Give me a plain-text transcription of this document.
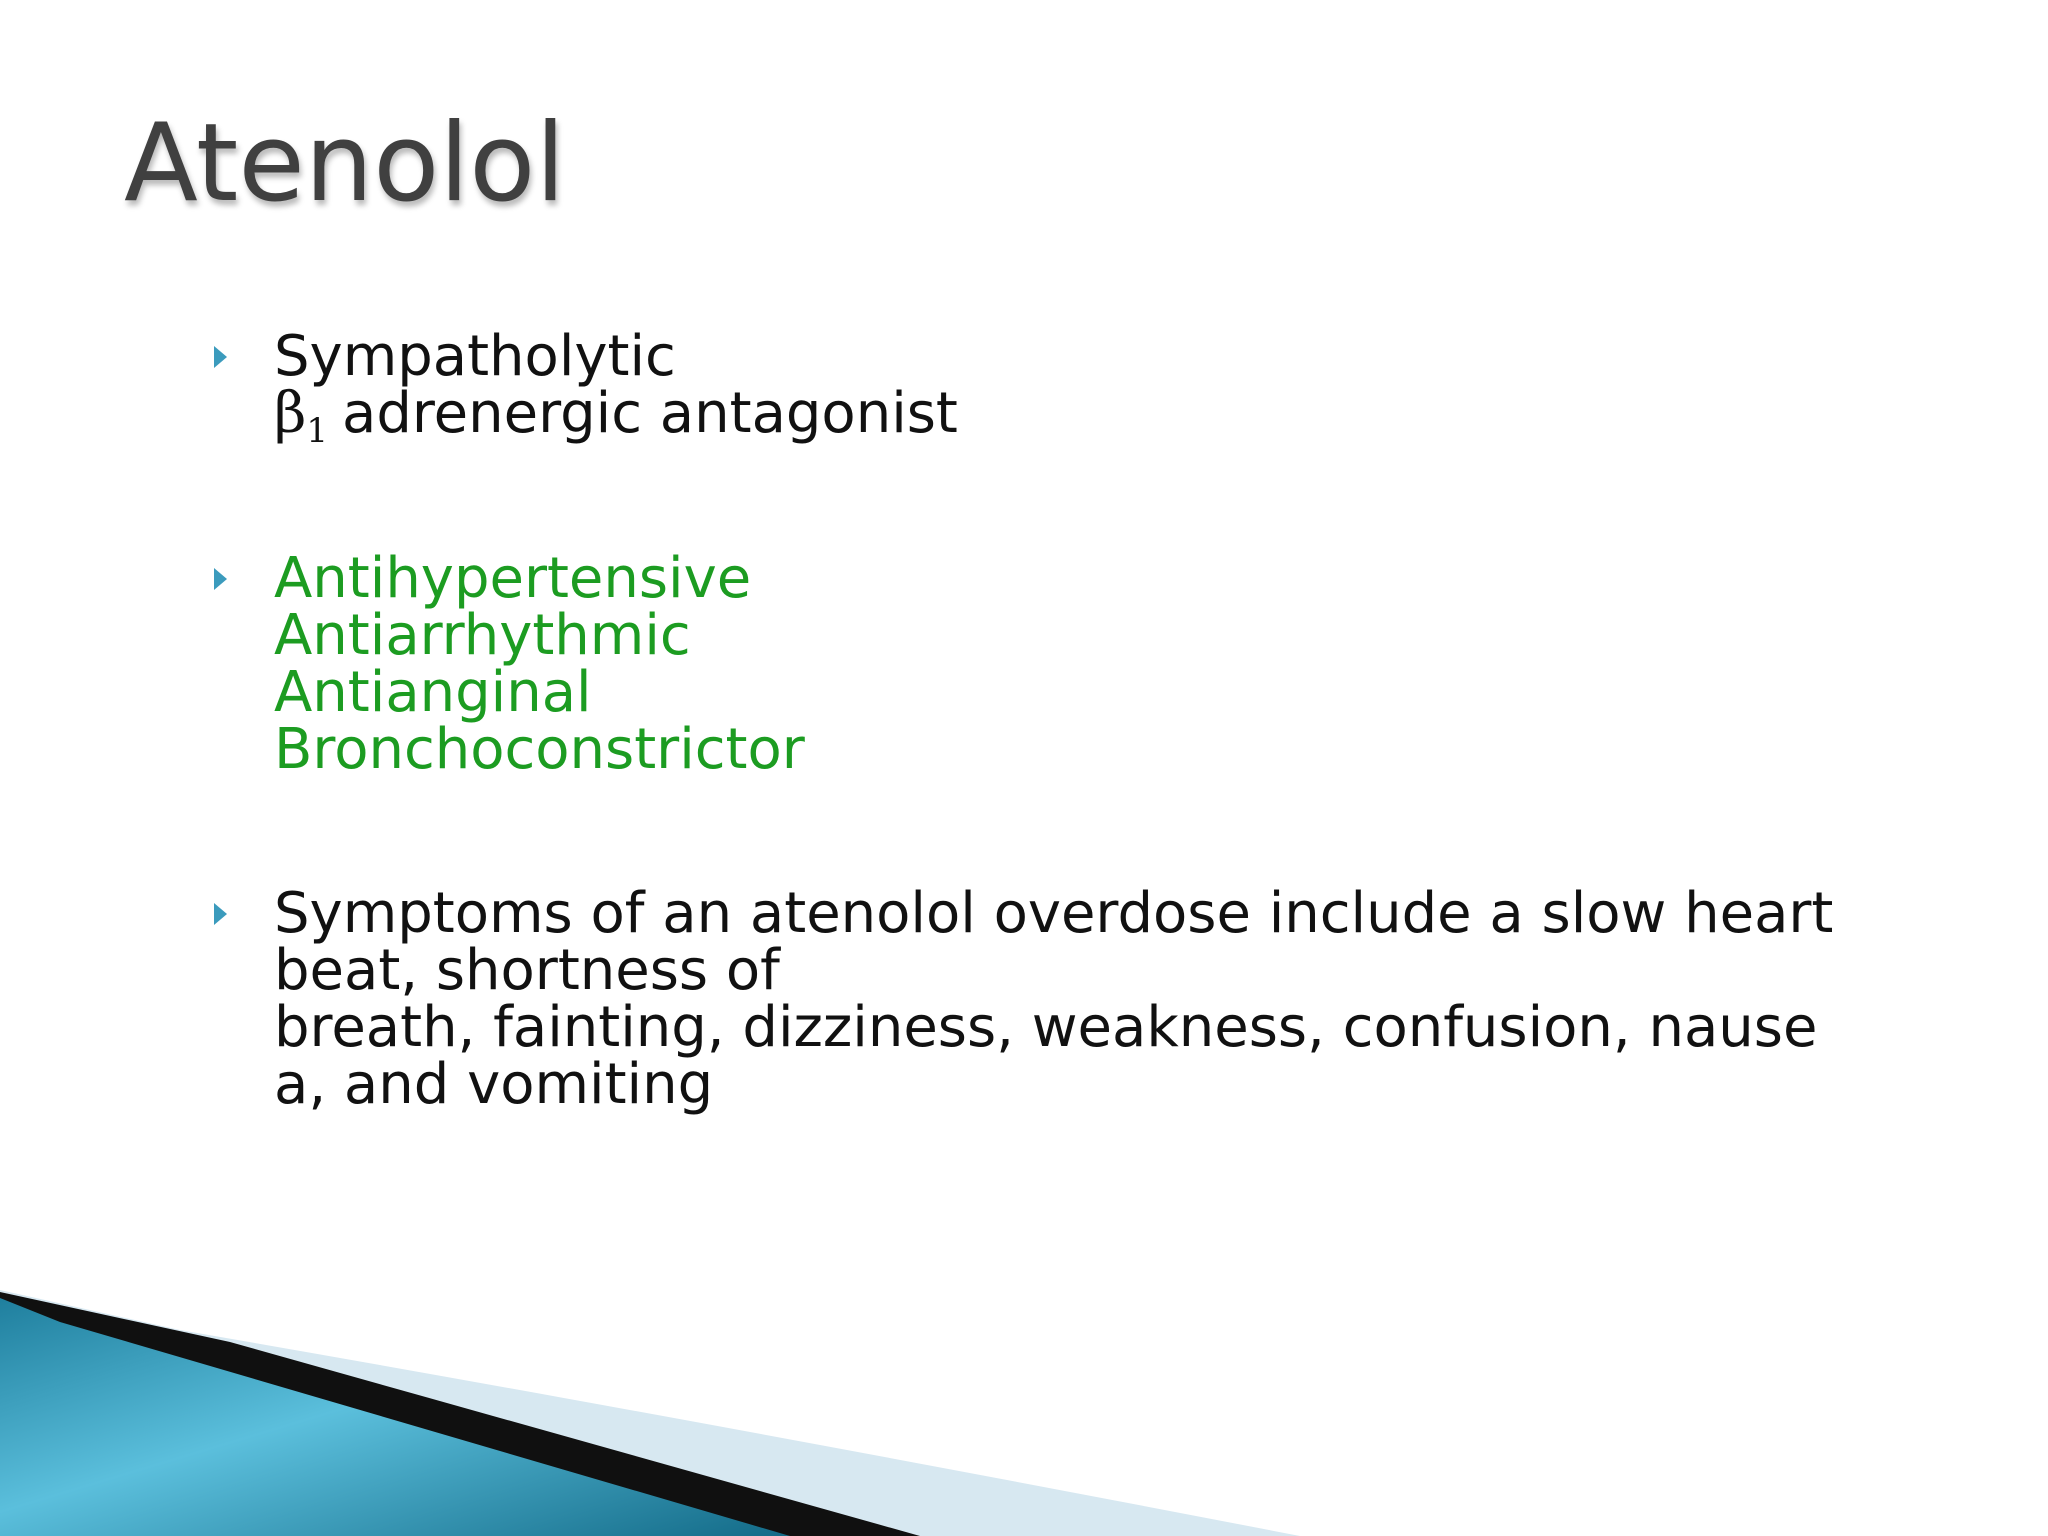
Atenolol
Sympatholytic
$\beta_1$ adrenergic antagonist
Antihypertensive
Antiarrhythmic
Antianginal
Bronchoconstrictor
Symptoms of an atenolol overdose include a slow heart
beat, shortness of
breath, fainting, dizziness, weakness, confusion, nause
a, and vomiting
